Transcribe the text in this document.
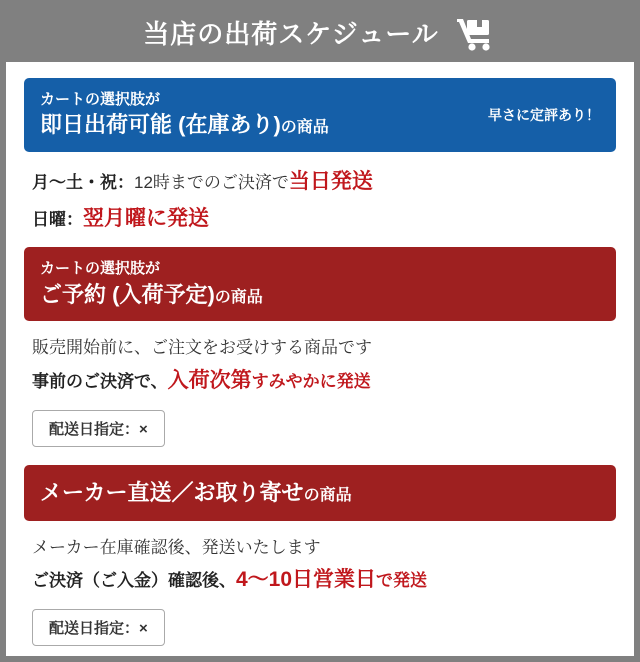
当店の出荷スケジュール
カートの選択肢が
即日出荷可能 (在庫あり)の商品
早さに定評あり！
月〜土・祝：12時までのご決済で当日発送
日曜：翌月曜に発送
カートの選択肢が
ご予約 (入荷予定)の商品
販売開始前に、ご注文をお受けする商品です
事前のご決済で、入荷次第すみやかに発送
配送日指定：×
メーカー直送／お取り寄せの商品
メーカー在庫確認後、発送いたします
ご決済（ご入金）確認後、4〜10日営業日で発送
配送日指定：×
